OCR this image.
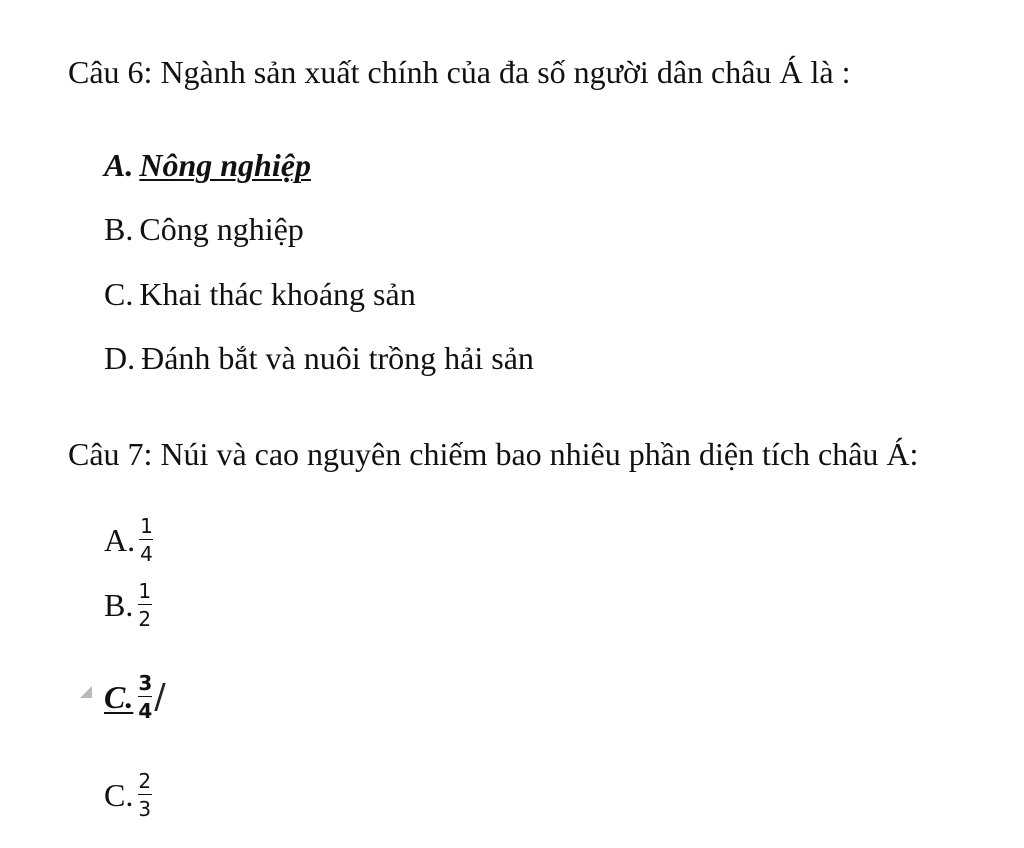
Câu 6: Ngành sản xuất chính của đa số người dân châu Á là :
A. Nông nghiệp
B. Công nghiệp
C. Khai thác khoáng sản
D. Đánh bắt và nuôi trồng hải sản
Câu 7: Núi và cao nguyên chiếm bao nhiêu phần diện tích châu Á:
A. $\frac{1}{4}$
B. $\frac{1}{2}$
C. $\frac{3}{4}$ /
C. $\frac{2}{3}$
